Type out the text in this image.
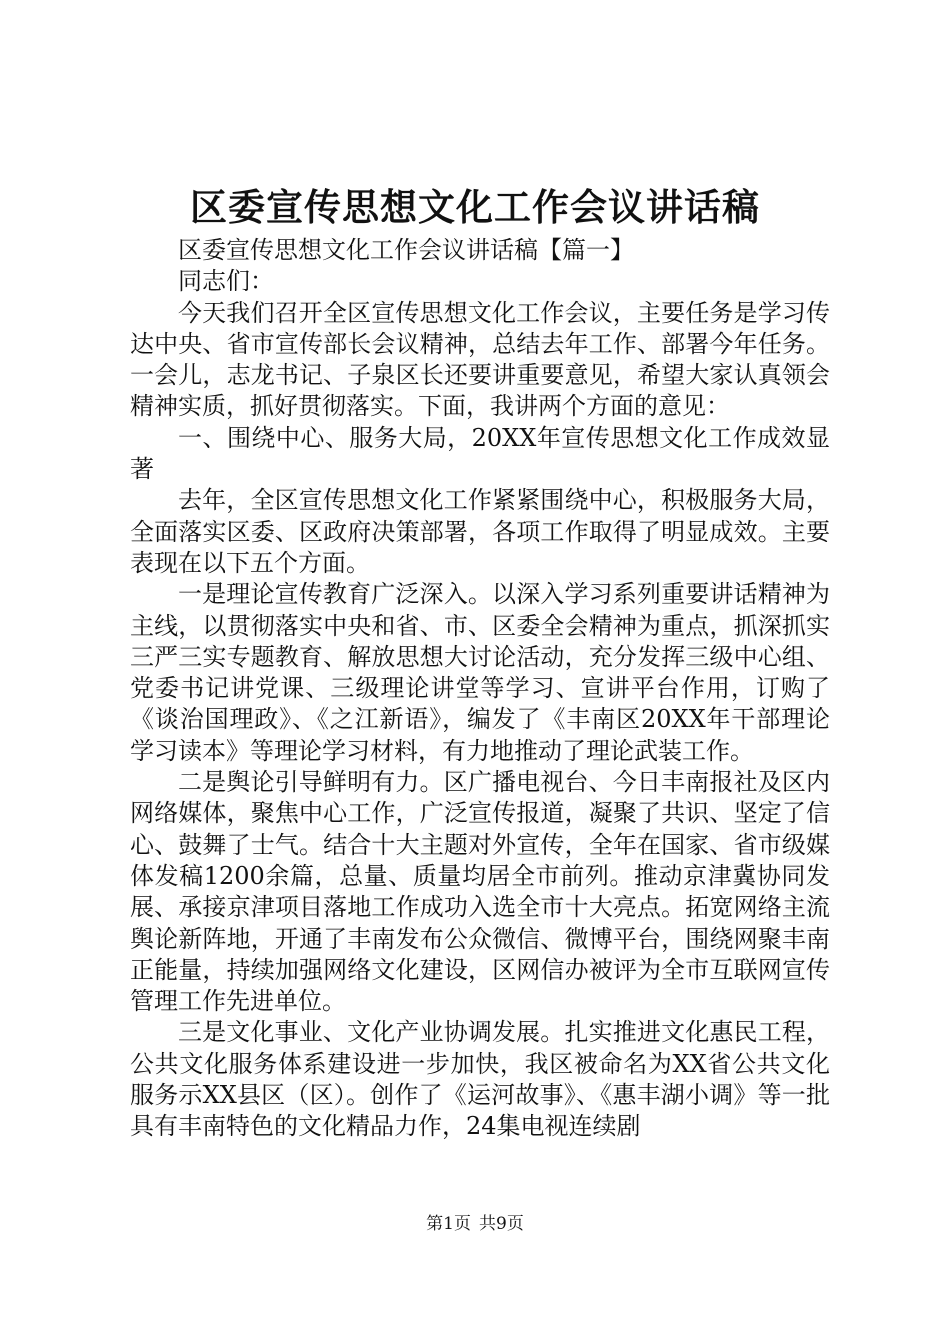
区委宣传思想文化工作会议讲话稿

区委宣传思想文化工作会议讲话稿【篇一】

同志们：

今天我们召开全区宣传思想文化工作会议，主要任务是学习传达中央、省市宣传部长会议精神，总结去年工作、部署今年任务。一会儿，志龙书记、子泉区长还要讲重要意见，希望大家认真领会精神实质，抓好贯彻落实。下面，我讲两个方面的意见：

一、围绕中心、服务大局，20XX年宣传思想文化工作成效显著

去年，全区宣传思想文化工作紧紧围绕中心，积极服务大局，全面落实区委、区政府决策部署，各项工作取得了明显成效。主要表现在以下五个方面。

一是理论宣传教育广泛深入。以深入学习系列重要讲话精神为主线，以贯彻落实中央和省、市、区委全会精神为重点，抓深抓实三严三实专题教育、解放思想大讨论活动，充分发挥三级中心组、党委书记讲党课、三级理论讲堂等学习、宣讲平台作用，订购了《谈治国理政》、《之江新语》，编发了《丰南区20XX年干部理论学习读本》等理论学习材料，有力地推动了理论武装工作。

二是舆论引导鲜明有力。区广播电视台、今日丰南报社及区内网络媒体，聚焦中心工作，广泛宣传报道，凝聚了共识、坚定了信心、鼓舞了士气。结合十大主题对外宣传，全年在国家、省市级媒体发稿1200余篇，总量、质量均居全市前列。推动京津冀协同发展、承接京津项目落地工作成功入选全市十大亮点。拓宽网络主流舆论新阵地，开通了丰南发布公众微信、微博平台，围绕网聚丰南正能量，持续加强网络文化建设，区网信办被评为全市互联网宣传管理工作先进单位。

三是文化事业、文化产业协调发展。扎实推进文化惠民工程，公共文化服务体系建设进一步加快，我区被命名为XX省公共文化服务示XX县区（区）。创作了《运河故事》、《惠丰湖小调》等一批具有丰南特色的文化精品力作，24集电视连续剧

第1页 共9页
